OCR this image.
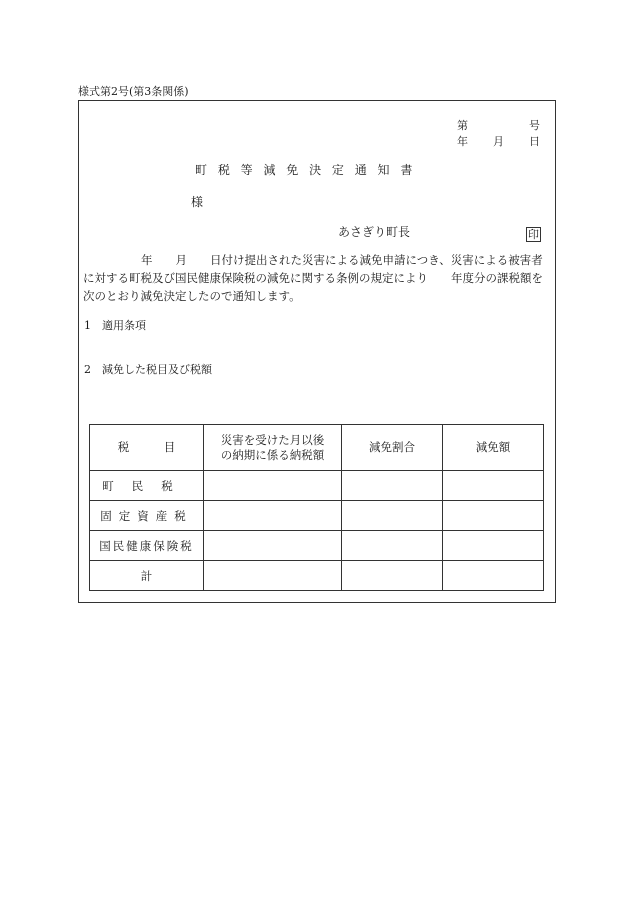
様式第2号(第3条関係)
第	号
年 月 日
町 税 等 減 免 決 定 通 知 書
様
あさぎり町長	印
年　　月　　日付け提出された災害による減免申請につき、災害による被害者に対する町税及び国民健康保険税の減免に関する条例の規定により　　年度分の課税額を次のとおり減免決定したので通知します。
1　適用条項
2　減免した税目及び税額
税　　　目	災害を受けた月以後
の納期に係る納税額	減免割合	減免額
町民税			
固定資産税			
国民健康保険税			
計			
